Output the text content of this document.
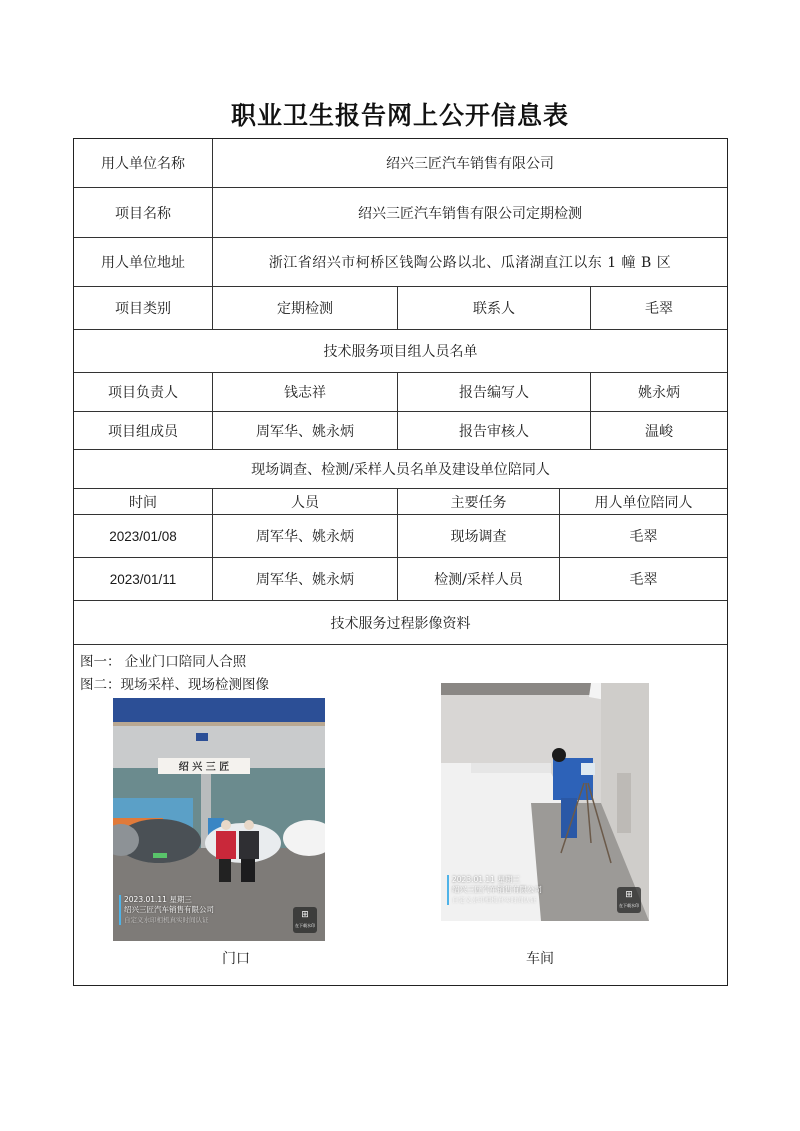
职业卫生报告网上公开信息表
用人单位名称	绍兴三匠汽车销售有限公司
项目名称	绍兴三匠汽车销售有限公司定期检测
用人单位地址	浙江省绍兴市柯桥区钱陶公路以北、瓜渚湖直江以东 1 幢 B 区
项目类别	定期检测	联系人	毛翠
技术服务项目组人员名单
项目负责人	钱志祥	报告编写人	姚永炳
项目组成员	周军华、姚永炳	报告审核人	温峻
现场调查、检测/采样人员名单及建设单位陪同人
时间	人员	主要任务	用人单位陪同人
2023/01/08	周军华、姚永炳	现场调查	毛翠
2023/01/11	周军华、姚永炳	检测/采样人员	毛翠
技术服务过程影像资料
图一： 企业门口陪同人合照
图二：现场采样、现场检测图像
绍 兴 三 匠
2023.01.11 星期三
绍兴三匠汽车销售有限公司
自定义水印相机真实时间认证	⊞
在下载水印
门口
2023.01.11 星期三
绍兴三匠汽车销售有限公司
自定义水印相机真实时间认证	⊞
在下载水印
车间
